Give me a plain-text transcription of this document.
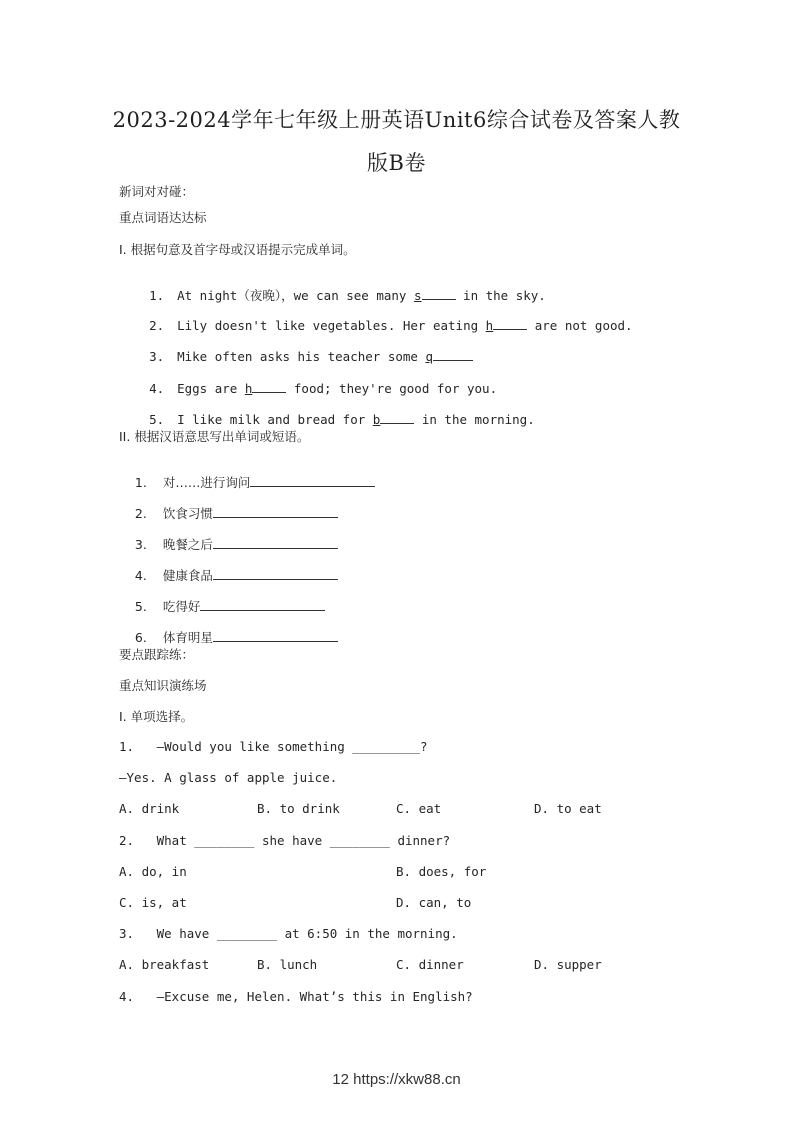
2023-2024学年七年级上册英语Unit6综合试卷及答案人教
版B卷
新词对对碰：
重点词语达达标
I. 根据句意及首字母或汉语提示完成单词。

1. At night（夜晚），we can see many s	in the sky.

2. Lily doesn't like vegetables. Her eating h	are not good.

3. Mike often asks his teacher some q

4. Eggs are h	food; they're good for you.

5. I like milk and bread for b	in the morning.

II. 根据汉语意思写出单词或短语。

1. 对……进行询问

2. 饮食习惯

3. 晚餐之后

4. 健康食品

5. 吃得好

6. 体育明星

要点跟踪练：
重点知识演练场
I. 单项选择。
1.   —Would you like something _________?
—Yes. A glass of apple juice.
A. drink	B. to drink	C. eat	D. to eat
2.   What ________ she have ________ dinner?
A. do, in	B. does, for
C. is, at	D. can, to
3.   We have ________ at 6:50 in the morning.
A. breakfast	B. lunch	C. dinner	D. supper
4.   —Excuse me, Helen. What’s this in English?
12 https://xkw88.cn
